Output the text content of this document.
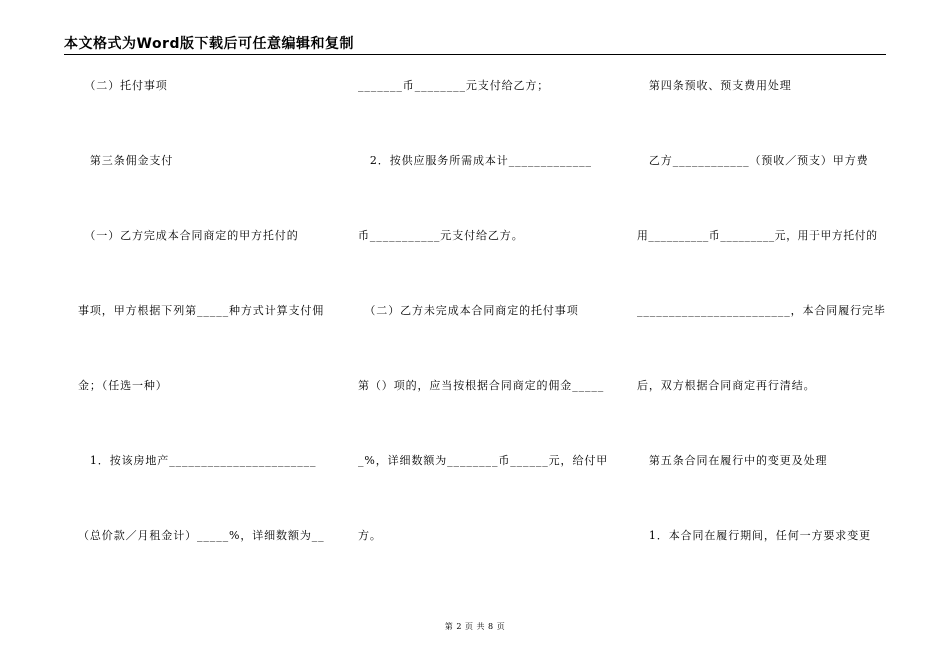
本文格式为Word版下载后可任意编辑和复制
　（二）托付事项
　第三条佣金支付
　（一）乙方完成本合同商定的甲方托付的
事项，甲方根据下列第_____种方式计算支付佣
金；（任选一种）
　1．按该房地产_______________________
（总价款／月租金计）_____%，详细数额为__
_______币________元支付给乙方；
　2．按供应服务所需成本计_____________
币___________元支付给乙方。
　（二）乙方未完成本合同商定的托付事项
第（）项的，应当按根据合同商定的佣金_____
_%，详细数额为________币______元，给付甲
方。
　第四条预收、预支费用处理
　乙方____________（预收／预支）甲方费
用__________币_________元，用于甲方托付的
________________________，本合同履行完毕
后，双方根据合同商定再行清结。
　第五条合同在履行中的变更及处理
　1．本合同在履行期间，任何一方要求变更
第 2 页 共 8 页
